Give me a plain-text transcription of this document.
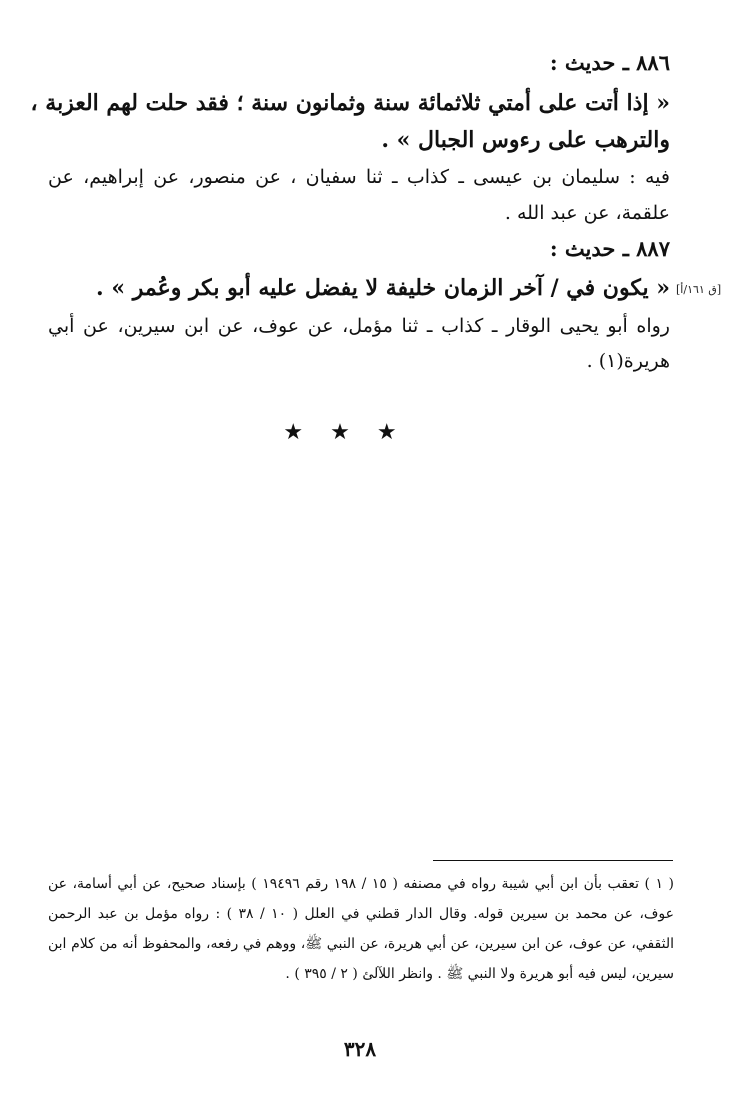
٨٨٦ ـ حديث :
« إذا أتت على أمتي ثلاثمائة سنة وثمانون سنة ؛ فقد حلت لهم العزبة ،
والترهب على رءوس الجبال » .
فيه : سليمان بن عيسى ـ كذاب ـ ثنا سفيان ، عن منصور، عن إبراهيم، عن
علقمة، عن عبد الله .
٨٨٧ ـ حديث :
[ق ١٦١/أ]
« يكون في / آخر الزمان خليفة لا يفضل عليه أبو بكر وعُمر » .
رواه أبو يحيى الوقار ـ كذاب ـ ثنا مؤمل، عن عوف، عن ابن سيرين، عن أبي
هريرة(١) .
★ ★ ★
( ١ ) تعقب بأن ابن أبي شيبة رواه في مصنفه ( ١٥ / ١٩٨ رقم ١٩٤٩٦ ) بإسناد صحيح، عن أبي أسامة، عن
عوف، عن محمد بن سيرين قوله. وقال الدار قطني في العلل ( ١٠ / ٣٨ ) : رواه مؤمل بن عبد الرحمن
الثقفي، عن عوف، عن ابن سيرين، عن أبي هريرة، عن النبي ﷺ، ووهم في رفعه، والمحفوظ أنه من كلام ابن
سيرين، ليس فيه أبو هريرة ولا النبي ﷺ . وانظر اللآلئ ( ٢ / ٣٩٥ ) .
٣٢٨
